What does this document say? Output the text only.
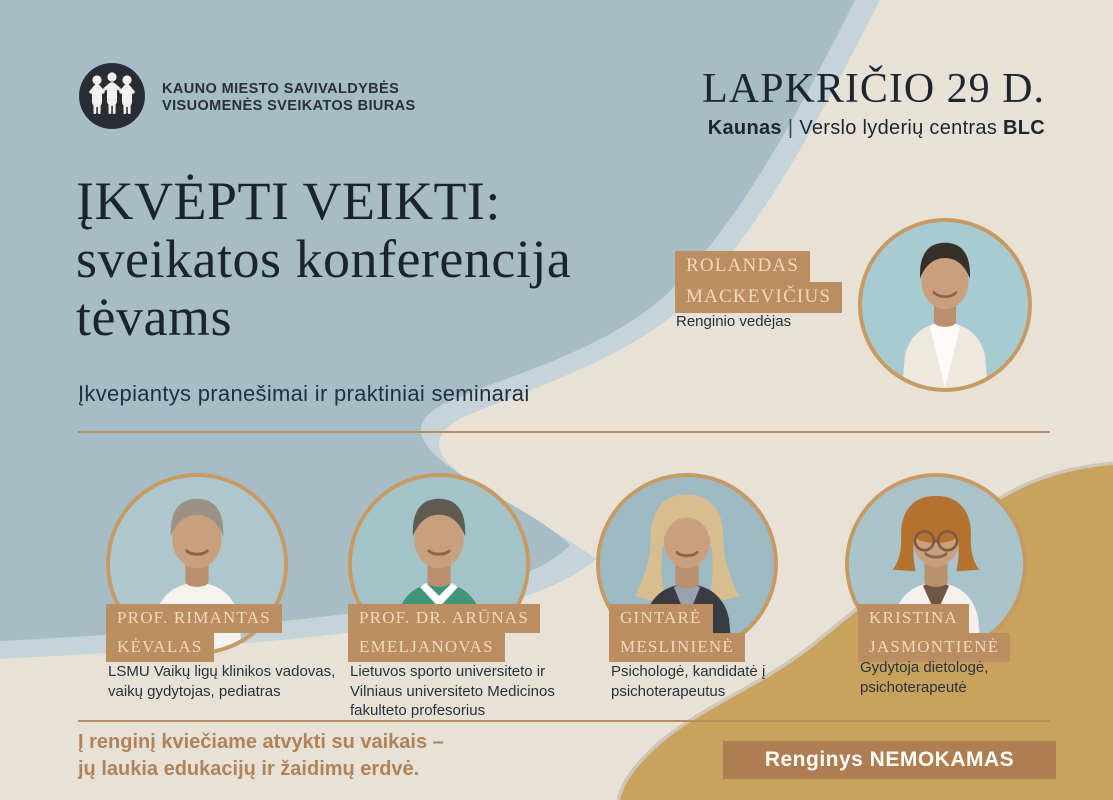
KAUNO MIESTO SAVIVALDYBĖS
VISUOMENĖS SVEIKATOS BIURAS	LAPKRIČIO 29 D.
Kaunas | Verslo lyderių centras BLC
ĮKVĖPTI VEIKTI:
sveikatos konferencija
tėvams
Įkvepiantys pranešimai ir praktiniai seminarai
ROLANDAS
MACKEVIČIUS
Renginio vedėjas
PROF. RIMANTAS
KĖVALAS
PROF. DR. ARŪNAS
EMELJANOVAS
GINTARĖ
MESLINIENĖ
KRISTINA
JASMONTIENĖ
LSMU Vaikų ligų klinikos vadovas,
vaikų gydytojas, pediatras
Lietuvos sporto universiteto ir
Vilniaus universiteto Medicinos
fakulteto profesorius
Psichologė, kandidatė į
psichoterapeutus
Gydytoja dietologė,
psichoterapeutė
Į renginį kviečiame atvykti su vaikais –
jų laukia edukacijų ir žaidimų erdvė.	Renginys NEMOKAMAS
